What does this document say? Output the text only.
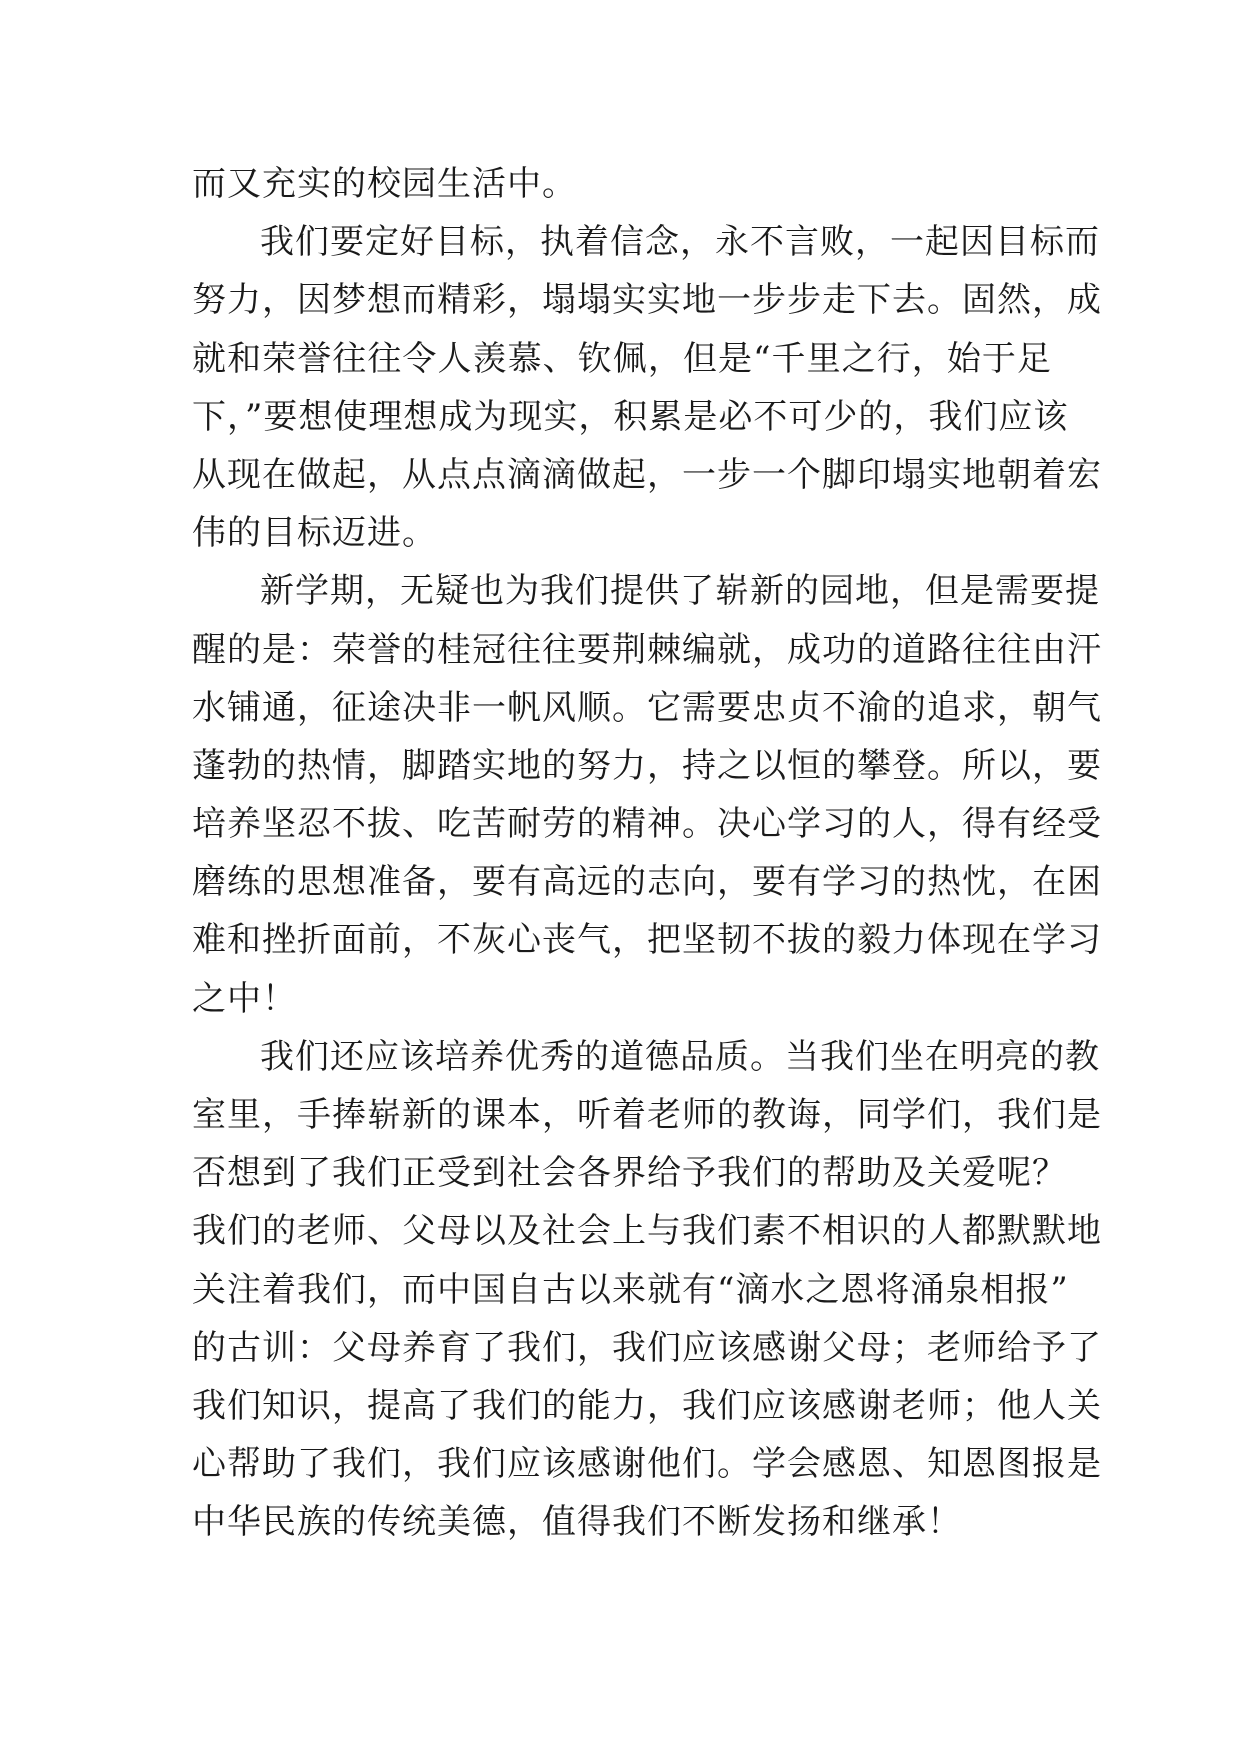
而又充实的校园生活中。
我们要定好目标，执着信念，永不言败，一起因目标而
努力，因梦想而精彩，塌塌实实地一步步走下去。固然，成
就和荣誉往往令人羡慕、钦佩，但是“千里之行，始于足
下，”要想使理想成为现实，积累是必不可少的，我们应该
从现在做起，从点点滴滴做起，一步一个脚印塌实地朝着宏
伟的目标迈进。
新学期，无疑也为我们提供了崭新的园地，但是需要提
醒的是：荣誉的桂冠往往要荆棘编就，成功的道路往往由汗
水铺通，征途决非一帆风顺。它需要忠贞不渝的追求，朝气
蓬勃的热情，脚踏实地的努力，持之以恒的攀登。所以，要
培养坚忍不拔、吃苦耐劳的精神。决心学习的人，得有经受
磨练的思想准备，要有高远的志向，要有学习的热忱，在困
难和挫折面前，不灰心丧气，把坚韧不拔的毅力体现在学习
之中！
我们还应该培养优秀的道德品质。当我们坐在明亮的教
室里，手捧崭新的课本，听着老师的教诲，同学们，我们是
否想到了我们正受到社会各界给予我们的帮助及关爱呢？
我们的老师、父母以及社会上与我们素不相识的人都默默地
关注着我们，而中国自古以来就有“滴水之恩将涌泉相报”
的古训：父母养育了我们，我们应该感谢父母；老师给予了
我们知识，提高了我们的能力，我们应该感谢老师；他人关
心帮助了我们，我们应该感谢他们。学会感恩、知恩图报是
中华民族的传统美德，值得我们不断发扬和继承！
